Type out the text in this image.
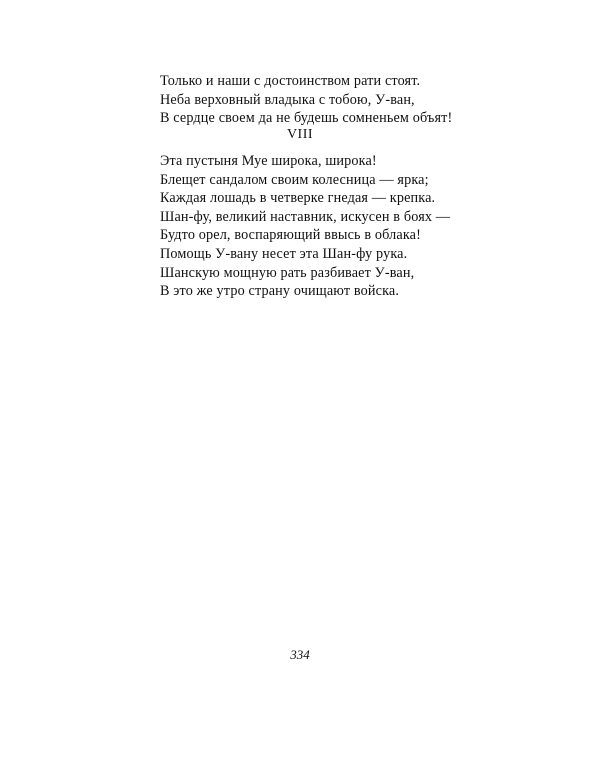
Только и наши с достоинством рати стоят.
Неба верховный владыка с тобою, У-ван,
В сердце своем да не будешь сомненьем объят!
VIII
Эта пустыня Муе широка, широка!
Блещет сандалом своим колесница — ярка;
Каждая лошадь в четверке гнедая — крепка.
Шан-фу, великий наставник, искусен в боях —
Будто орел, воспаряющий ввысь в облака!
Помощь У-вану несет эта Шан-фу рука.
Шанскую мощную рать разбивает У-ван,
В это же утро страну очищают войска.
334
